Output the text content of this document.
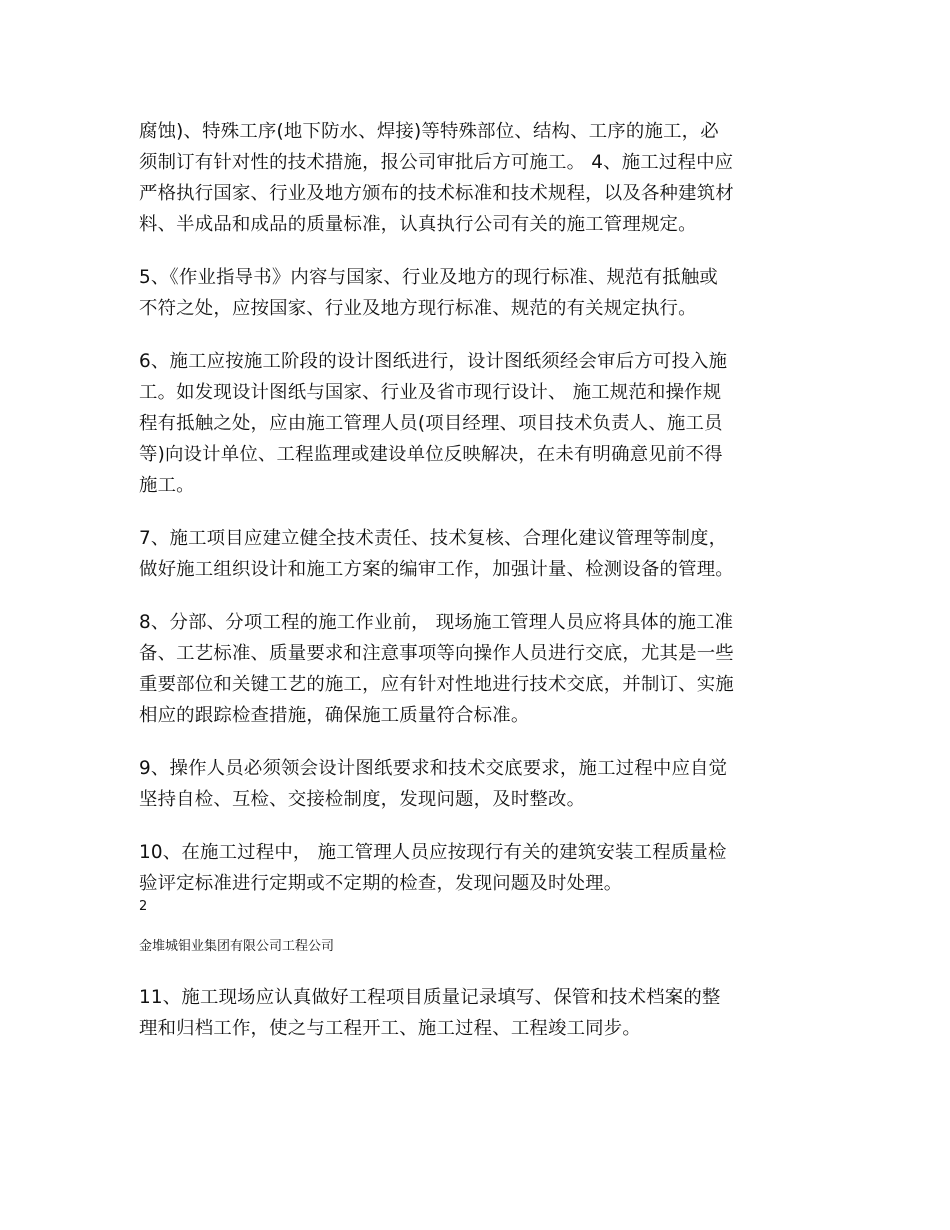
腐蚀)、特殊工序(地下防水、焊接)等特殊部位、结构、工序的施工，必
须制订有针对性的技术措施，报公司审批后方可施工。 4、施工过程中应
严格执行国家、行业及地方颁布的技术标准和技术规程，以及各种建筑材
料、半成品和成品的质量标准，认真执行公司有关的施工管理规定。

5、《作业指导书》内容与国家、行业及地方的现行标准、规范有抵触或
不符之处，应按国家、行业及地方现行标准、规范的有关规定执行。

6、施工应按施工阶段的设计图纸进行，设计图纸须经会审后方可投入施
工。如发现设计图纸与国家、行业及省市现行设计、 施工规范和操作规
程有抵触之处，应由施工管理人员(项目经理、项目技术负责人、施工员
等)向设计单位、工程监理或建设单位反映解决，在未有明确意见前不得
施工。

7、施工项目应建立健全技术责任、技术复核、合理化建议管理等制度，
做好施工组织设计和施工方案的编审工作，加强计量、检测设备的管理。

8、分部、分项工程的施工作业前， 现场施工管理人员应将具体的施工准
备、工艺标准、质量要求和注意事项等向操作人员进行交底，尤其是一些
重要部位和关键工艺的施工，应有针对性地进行技术交底，并制订、实施
相应的跟踪检查措施，确保施工质量符合标准。

9、操作人员必须领会设计图纸要求和技术交底要求，施工过程中应自觉
坚持自检、互检、交接检制度，发现问题，及时整改。

10、在施工过程中， 施工管理人员应按现行有关的建筑安装工程质量检
验评定标准进行定期或不定期的检查，发现问题及时处理。

2
金堆城钼业集团有限公司工程公司

11、施工现场应认真做好工程项目质量记录填写、保管和技术档案的整
理和归档工作，使之与工程开工、施工过程、工程竣工同步。
